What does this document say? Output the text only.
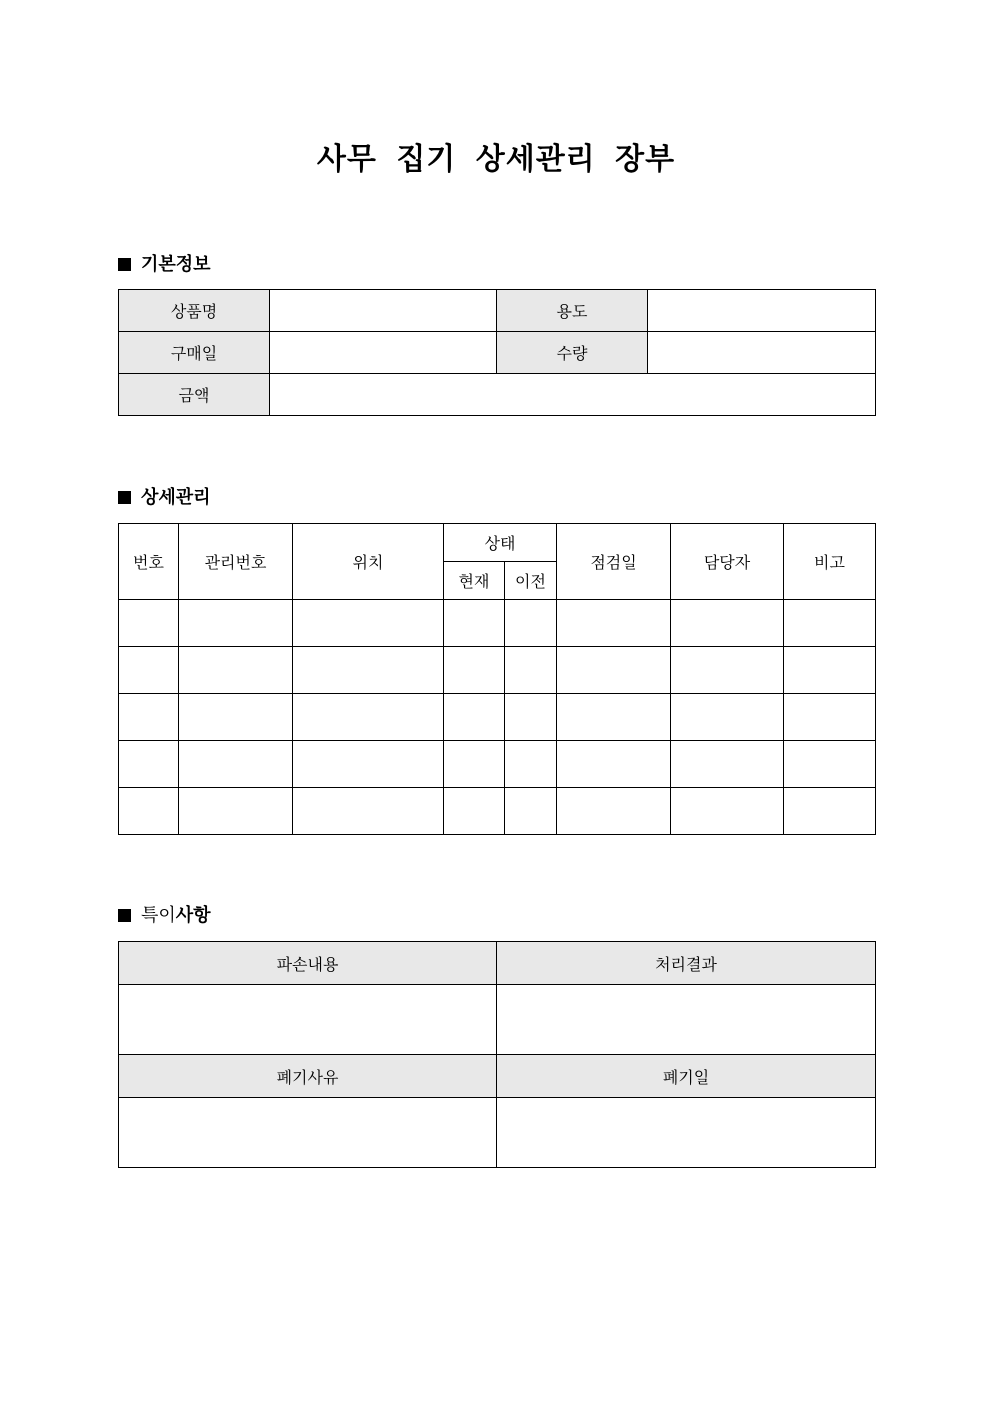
사무 집기 상세관리 장부
기본정보
상품명		용도	
구매일		수량	
금액			
상세관리
번호	관리번호	위치	상태		점검일	담당자	비고
			현재	이전			

특이사항
파손내용	처리결과

폐기사유	폐기일
